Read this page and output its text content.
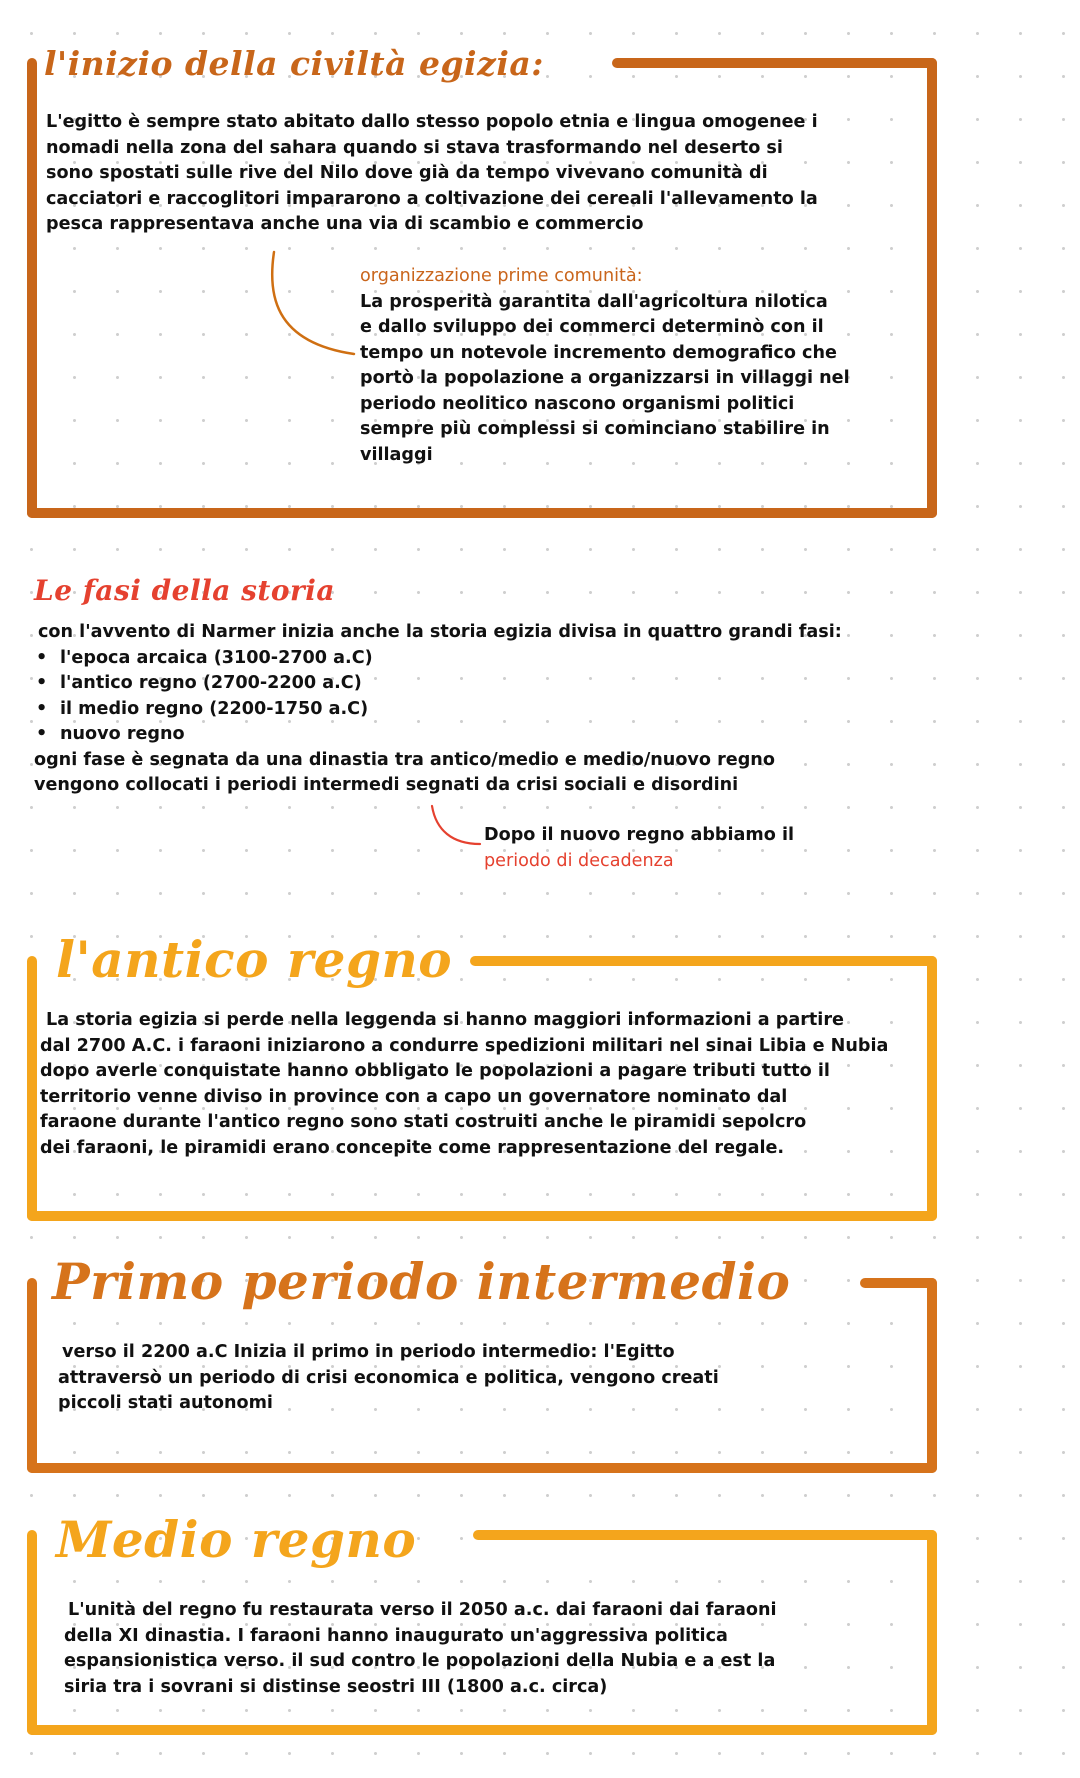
l'inizio della civiltà egizia:
L'egitto è sempre stato abitato dallo stesso popolo etnia e lingua omogenee i
nomadi nella zona del sahara quando si stava trasformando nel deserto si
sono spostati sulle rive del Nilo dove già da tempo vivevano comunità di
cacciatori e raccoglitori impararono a coltivazione dei cereali l'allevamento la
pesca rappresentava anche una via di scambio e commercio
organizzazione prime comunità:
La prosperità garantita dall'agricoltura nilotica
e dallo sviluppo dei commerci determinò con il
tempo un notevole incremento demografico che
portò la popolazione a organizzarsi in villaggi nel
periodo neolitico nascono organismi politici
sempre più complessi si cominciano stabilire in
villaggi
Le fasi della storia
con l'avvento di Narmer inizia anche la storia egizia divisa in quattro grandi fasi:
• l'epoca arcaica (3100-2700 a.C)
• l'antico regno (2700-2200 a.C)
• il medio regno (2200-1750 a.C)
• nuovo regno
ogni fase è segnata da una dinastia tra antico/medio e medio/nuovo regno
vengono collocati i periodi intermedi segnati da crisi sociali e disordini
Dopo il nuovo regno abbiamo il
periodo di decadenza
l'antico regno
La storia egizia si perde nella leggenda si hanno maggiori informazioni a partire
dal 2700 A.C. i faraoni iniziarono a condurre spedizioni militari nel sinai Libia e Nubia
dopo averle conquistate hanno obbligato le popolazioni a pagare tributi tutto il
territorio venne diviso in province con a capo un governatore nominato dal
faraone durante l'antico regno sono stati costruiti anche le piramidi sepolcro
dei faraoni, le piramidi erano concepite come rappresentazione del regale.
Primo periodo intermedio
verso il 2200 a.C Inizia il primo in periodo intermedio: l'Egitto
attraversò un periodo di crisi economica e politica, vengono creati
piccoli stati autonomi
Medio regno
L'unità del regno fu restaurata verso il 2050 a.c. dai faraoni dai faraoni
della XI dinastia. I faraoni hanno inaugurato un'aggressiva politica
espansionistica verso. il sud contro le popolazioni della Nubia e a est la
siria tra i sovrani si distinse seostri III (1800 a.c. circa)
